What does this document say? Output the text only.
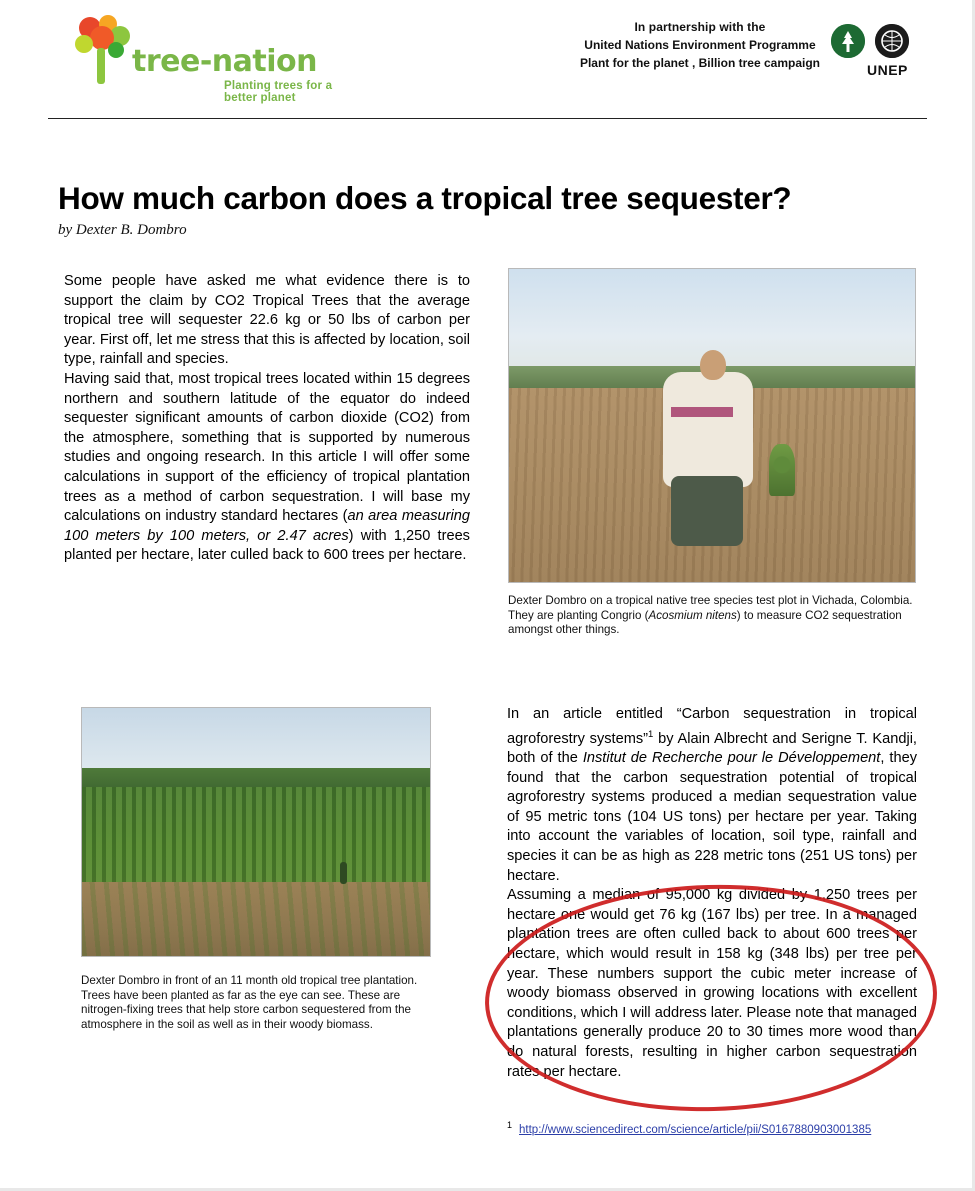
tree-nation
Planting trees for a better planet
In partnership with the
United Nations Environment Programme
Plant for the planet , Billion tree campaign	UNEP
How much carbon does a tropical tree sequester?
by Dexter B. Dombro

Some people have asked me what evidence there is to support the claim by CO2 Tropical Trees that the average tropical tree will sequester 22.6 kg or 50 lbs of carbon per year. First off, let me stress that this is affected by location, soil type, rainfall and species.

Having said that, most tropical trees located within 15 degrees northern and southern latitude of the equator do indeed sequester significant amounts of carbon dioxide (CO2) from the atmosphere, something that is supported by numerous studies and ongoing research. In this article I will offer some calculations in support of the efficiency of tropical plantation trees as a method of carbon sequestration. I will base my calculations on industry standard hectares (an area measuring 100 meters by 100 meters, or 2.47 acres) with 1,250 trees planted per hectare, later culled back to 600 trees per hectare.

Dexter Dombro on a tropical native tree species test plot in Vichada, Colombia. They are planting Congrio (Acosmium nitens) to measure CO2 sequestration amongst other things.

Dexter Dombro in front of an 11 month old tropical tree plantation. Trees have been planted as far as the eye can see. These are nitrogen-fixing trees that help store carbon sequestered from the atmosphere in the soil as well as in their woody biomass.

In an article entitled “Carbon sequestration in tropical agroforestry systems”$^1$ by Alain Albrecht and Serigne T. Kandji, both of the Institut de Recherche pour le Développement, they found that the carbon sequestration potential of tropical agroforestry systems produced a median sequestration value of 95 metric tons (104 US tons) per hectare per year. Taking into account the variables of location, soil type, rainfall and species it can be as high as 228 metric tons (251 US tons) per hectare.

Assuming a median of 95,000 kg divided by 1,250 trees per hectare one would get 76 kg (167 lbs) per tree. In a managed plantation trees are often culled back to about 600 trees per hectare, which would result in 158 kg (348 lbs) per tree per year. These numbers support the cubic meter increase of woody biomass observed in growing locations with excellent conditions, which I will address later. Please note that managed plantations generally produce 20 to 30 times more wood than do natural forests, resulting in higher carbon sequestration rates per hectare.

$^1$ http://www.sciencedirect.com/science/article/pii/S0167880903001385
